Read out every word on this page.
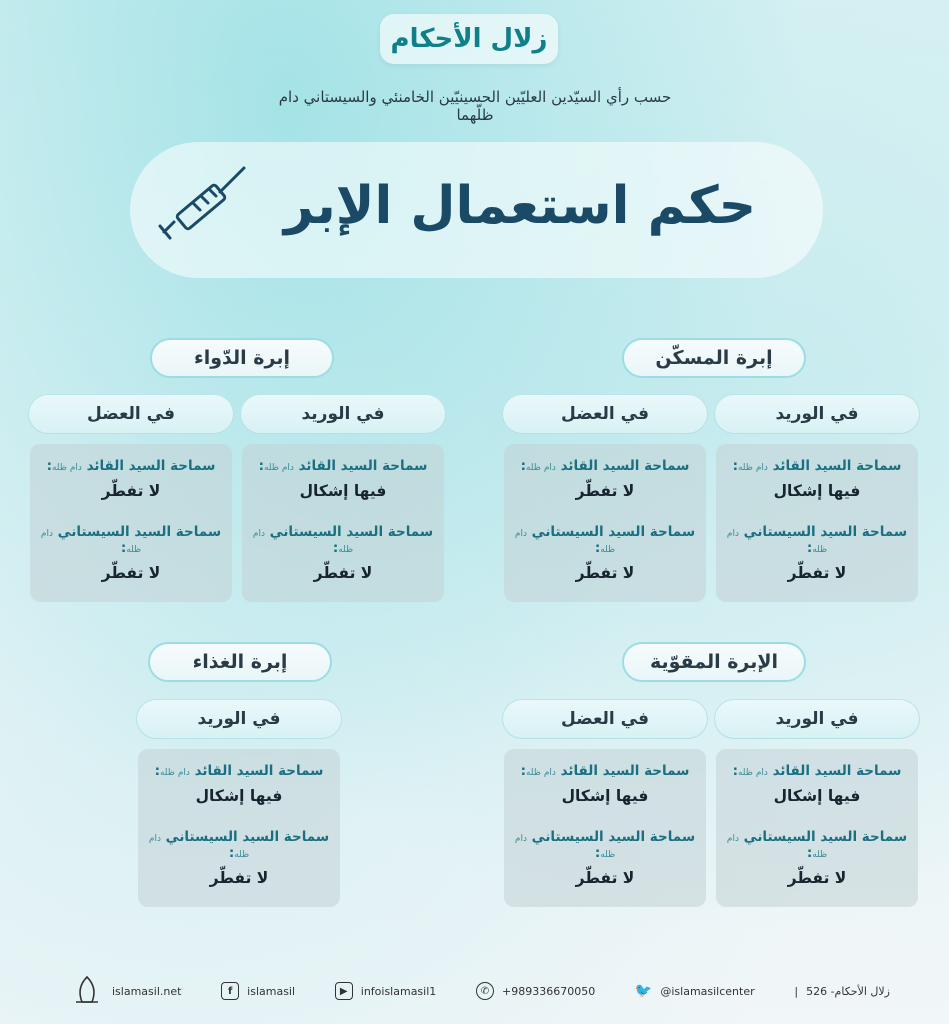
زلال الأحكام
حسب رأي السيّدين العليّين الحسينيّين الخامنئي والسيستاني دام ظلّهما
حكم استعمال الإبر
إبرة المسكّن
في الوريد
في العضل
سماحة السيد القائد دام ظله:
فيها إشكال
سماحة السيد السيستاني دام ظله:
لا تفطّر
سماحة السيد القائد دام ظله:
لا تفطّر
سماحة السيد السيستاني دام ظله:
لا تفطّر
إبرة الدّواء
في الوريد
في العضل
سماحة السيد القائد دام ظله:
فيها إشكال
سماحة السيد السيستاني دام ظله:
لا تفطّر
سماحة السيد القائد دام ظله:
لا تفطّر
سماحة السيد السيستاني دام ظله:
لا تفطّر
الإبرة المقوّية
في الوريد
في العضل
سماحة السيد القائد دام ظله:
فيها إشكال
سماحة السيد السيستاني دام ظله:
لا تفطّر
سماحة السيد القائد دام ظله:
فيها إشكال
سماحة السيد السيستاني دام ظله:
لا تفطّر
إبرة الغذاء
في الوريد
سماحة السيد القائد دام ظله:
فيها إشكال
سماحة السيد السيستاني دام ظله:
لا تفطّر
islamasil.net	f	islamasil	▶	infoislamasil1	✆	+989336670050	🐦 @islamasilcenter	| زلال الأحكام- 526
